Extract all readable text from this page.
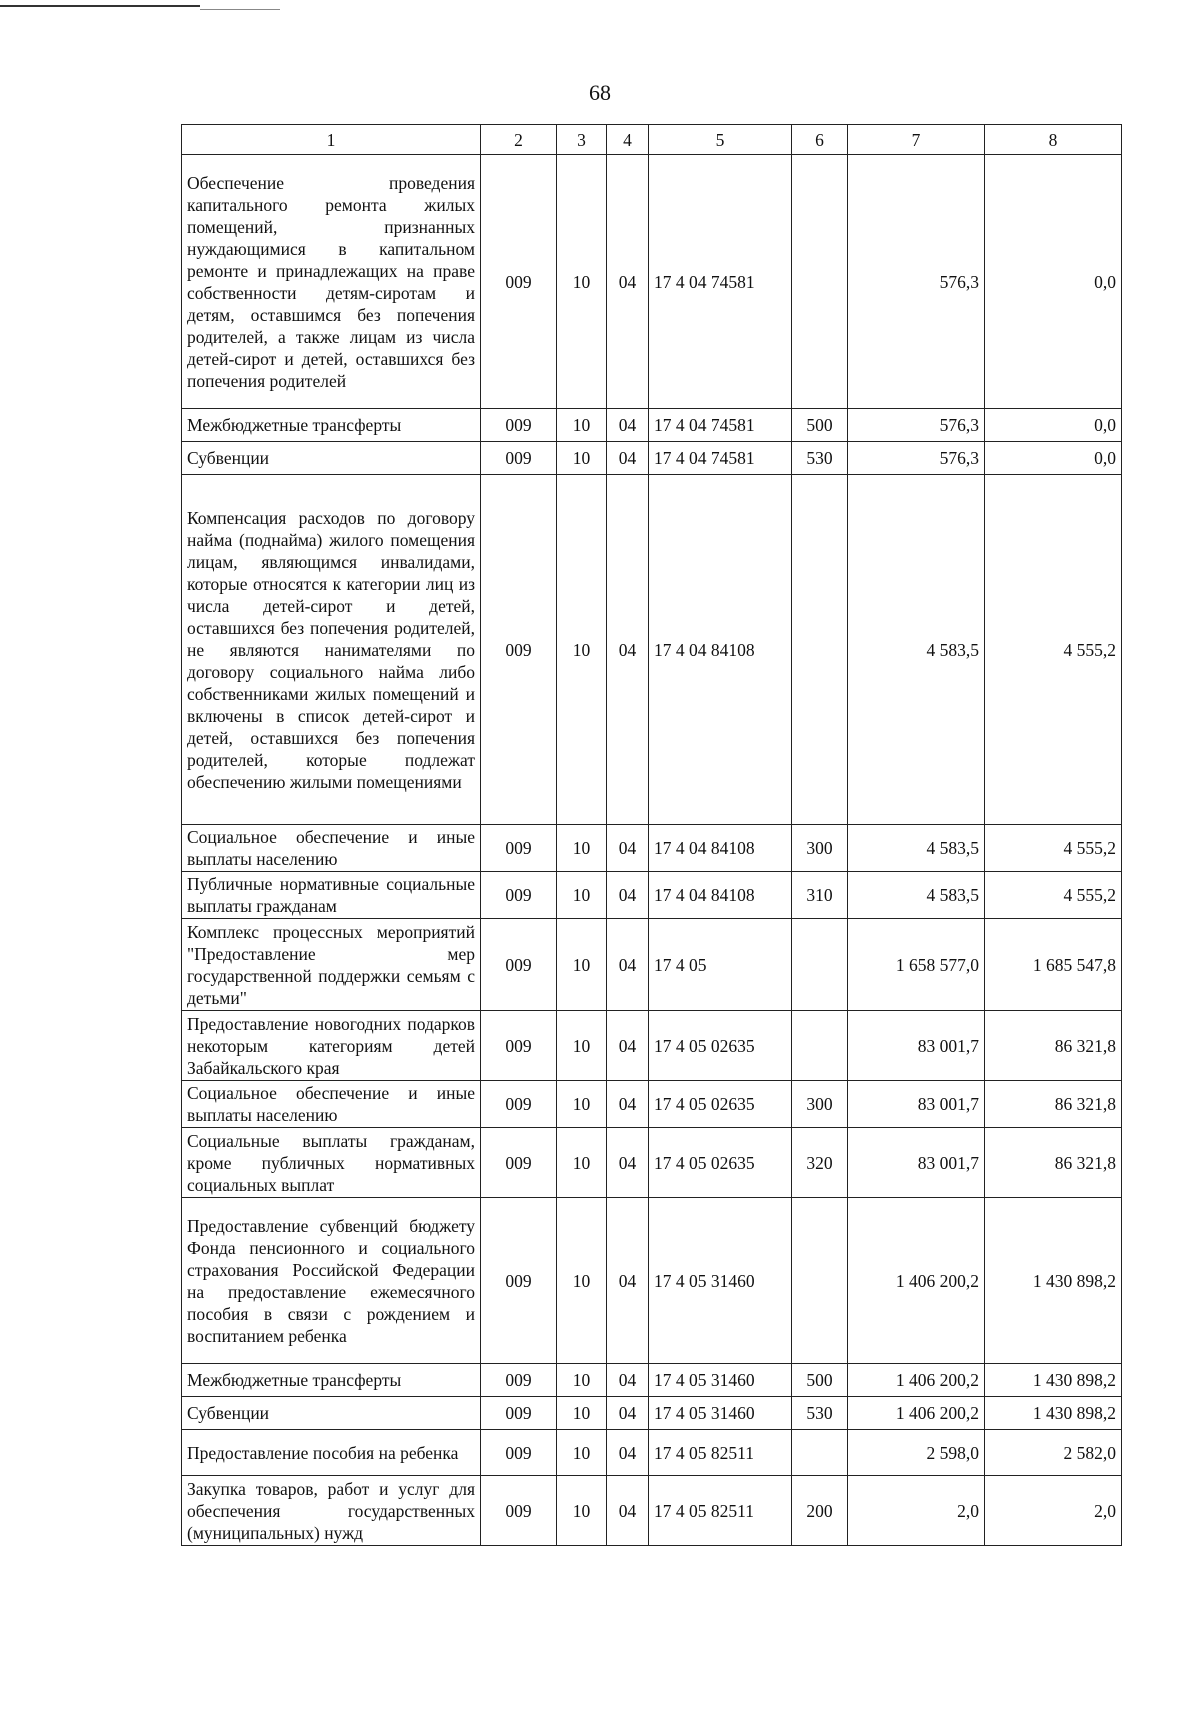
68
1	2	3	4	5	6	7	8
Обеспечение проведения капитального ремонта жилых помещений, признанных нуждающимися в капитальном ремонте и принадлежащих на праве собственности детям-сиротам и детям, оставшимся без попечения родителей, а также лицам из числа детей-сирот и детей, оставшихся без попечения родителей	009	10	04	17 4 04 74581		576,3	0,0
Межбюджетные трансферты	009	10	04	17 4 04 74581	500	576,3	0,0
Субвенции	009	10	04	17 4 04 74581	530	576,3	0,0
Компенсация расходов по договору найма (поднайма) жилого помещения лицам, являющимся инвалидами, которые относятся к категории лиц из числа детей-сирот и детей, оставшихся без попечения родителей, не являются нанимателями по договору социального найма либо собственниками жилых помещений и включены в список детей-сирот и детей, оставшихся без попечения родителей, которые подлежат обеспечению жилыми помещениями	009	10	04	17 4 04 84108		4 583,5	4 555,2
Социальное обеспечение и иные выплаты населению	009	10	04	17 4 04 84108	300	4 583,5	4 555,2
Публичные нормативные социальные выплаты гражданам	009	10	04	17 4 04 84108	310	4 583,5	4 555,2
Комплекс процессных мероприятий "Предоставление мер государственной поддержки семьям с детьми"	009	10	04	17 4 05		1 658 577,0	1 685 547,8
Предоставление новогодних подарков некоторым категориям детей Забайкальского края	009	10	04	17 4 05 02635		83 001,7	86 321,8
Социальное обеспечение и иные выплаты населению	009	10	04	17 4 05 02635	300	83 001,7	86 321,8
Социальные выплаты гражданам, кроме публичных нормативных социальных выплат	009	10	04	17 4 05 02635	320	83 001,7	86 321,8
Предоставление субвенций бюджету Фонда пенсионного и социального страхования Российской Федерации на предоставление ежемесячного пособия в связи с рождением и воспитанием ребенка	009	10	04	17 4 05 31460		1 406 200,2	1 430 898,2
Межбюджетные трансферты	009	10	04	17 4 05 31460	500	1 406 200,2	1 430 898,2
Субвенции	009	10	04	17 4 05 31460	530	1 406 200,2	1 430 898,2
Предоставление пособия на ребенка	009	10	04	17 4 05 82511		2 598,0	2 582,0
Закупка товаров, работ и услуг для обеспечения государственных (муниципальных) нужд	009	10	04	17 4 05 82511	200	2,0	2,0
